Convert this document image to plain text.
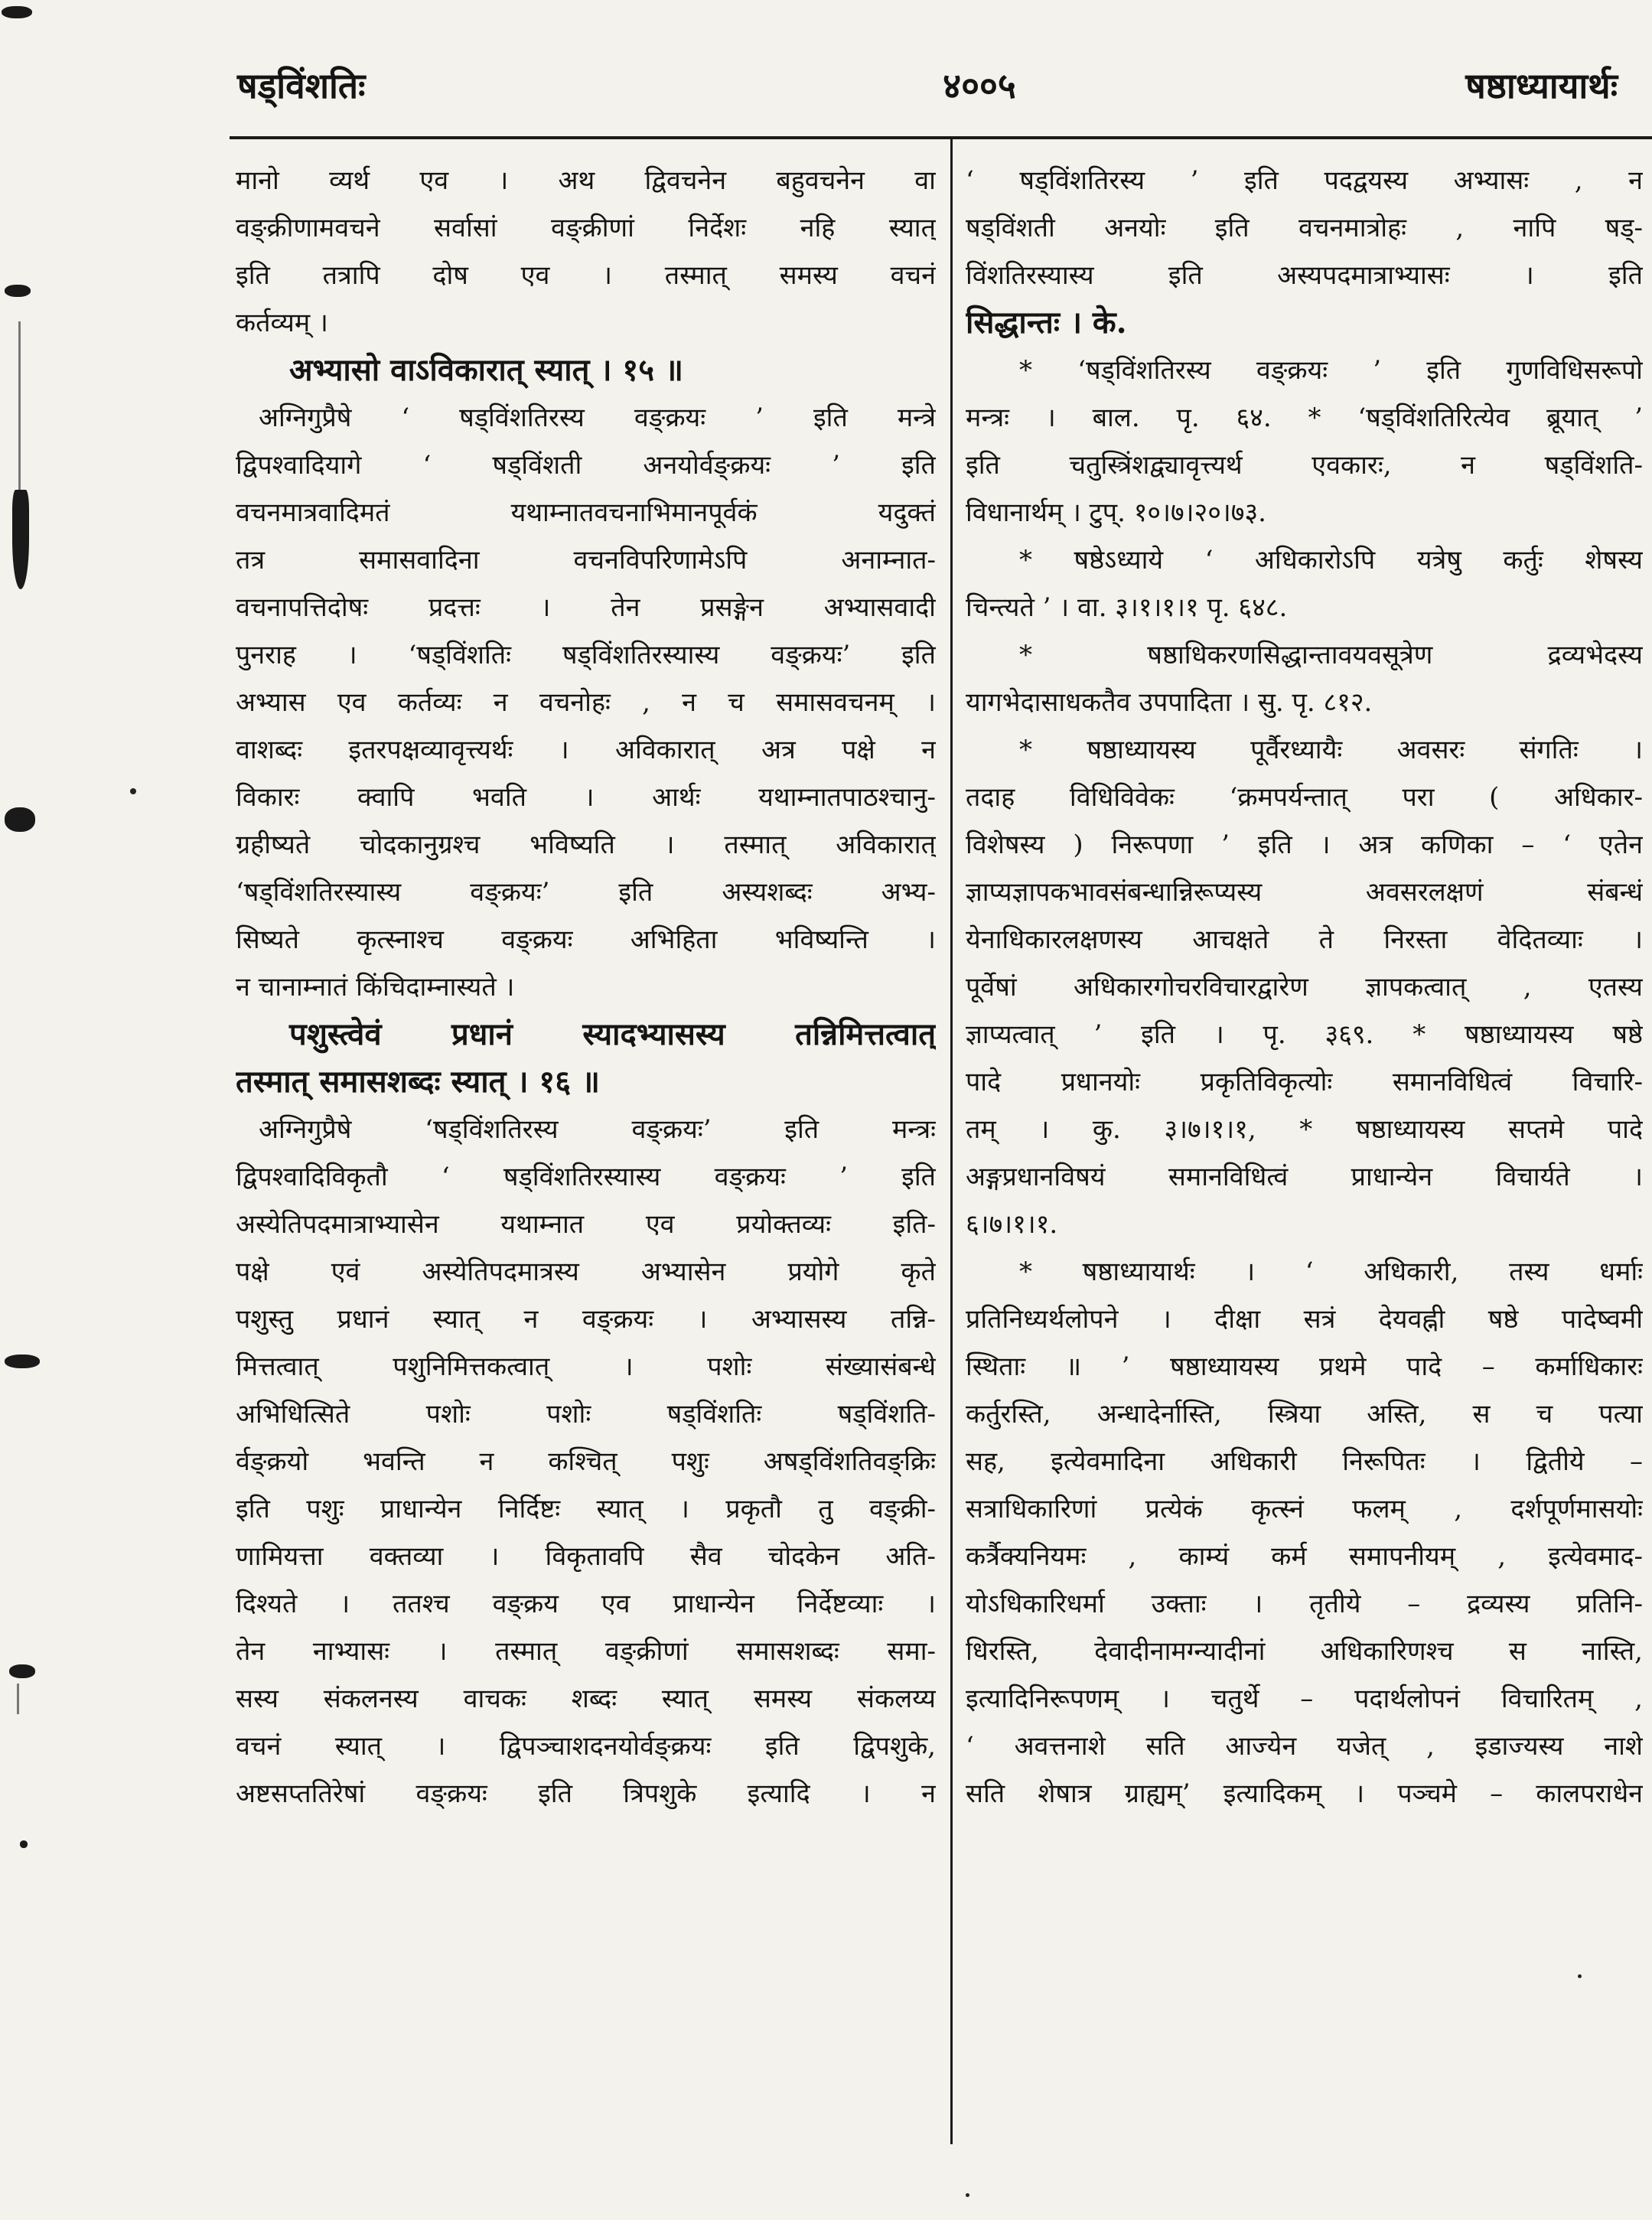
षड्विंशतिः	४००५	षष्ठाध्यायार्थः
मानो व्यर्थ एव । अथ द्विवचनेन बहुवचनेन वा
वङ्क्रीणामवचने सर्वासां वङ्क्रीणां निर्देशः नहि स्यात्
इति तत्रापि दोष एव । तस्मात् समस्य वचनं
कर्तव्यम् ।
अभ्यासो वाऽविकारात् स्यात् । १५ ॥
अग्निगुप्रैषे ‘ षड्विंशतिरस्य वङ्क्रयः ’ इति मन्त्रे
द्विपश्वादियागे ‘ षड्विंशती अनयोर्वङ्क्रयः ’ इति
वचनमात्रवादिमतं यथाम्नातवचनाभिमानपूर्वकं यदुक्तं
तत्र समासवादिना वचनविपरिणामेऽपि अनाम्नात-
वचनापत्तिदोषः प्रदत्तः । तेन प्रसङ्गेन अभ्यासवादी
पुनराह । ‘षड्विंशतिः षड्विंशतिरस्यास्य वङ्क्रयः’ इति
अभ्यास एव कर्तव्यः न वचनोहः , न च समासवचनम् ।
वाशब्दः इतरपक्षव्यावृत्त्यर्थः । अविकारात् अत्र पक्षे न
विकारः क्वापि भवति । आर्थः यथाम्नातपाठश्चानु-
ग्रहीष्यते चोदकानुग्रश्च भविष्यति । तस्मात् अविकारात्
‘षड्विंशतिरस्यास्य वङ्क्रयः’ इति अस्यशब्दः अभ्य-
सिष्यते कृत्स्नाश्च वङ्क्रयः अभिहिता भविष्यन्ति ।
न चानाम्नातं किंचिदाम्नास्यते ।
पशुस्त्वेवं प्रधानं स्यादभ्यासस्य तन्निमित्तत्वात्
तस्मात् समासशब्दः स्यात् । १६ ॥
अग्निगुप्रैषे ‘षड्विंशतिरस्य वङ्क्रयः’ इति मन्त्रः
द्विपश्वादिविकृतौ ‘ षड्विंशतिरस्यास्य वङ्क्रयः ’ इति
अस्येतिपदमात्राभ्यासेन यथाम्नात एव प्रयोक्तव्यः इति-
पक्षे एवं अस्येतिपदमात्रस्य अभ्यासेन प्रयोगे कृते
पशुस्तु प्रधानं स्यात् न वङ्क्रयः । अभ्यासस्य तन्नि-
मित्तत्वात् पशुनिमित्तकत्वात् । पशोः संख्यासंबन्धे
अभिधित्सिते पशोः पशोः षड्विंशतिः षड्विंशति-
र्वङ्क्रयो भवन्ति न कश्चित् पशुः अषड्विंशतिवङ्क्रिः
इति पशुः प्राधान्येन निर्दिष्टः स्यात् । प्रकृतौ तु वङ्क्री-
णामियत्ता वक्तव्या । विकृतावपि सैव चोदकेन अति-
दिश्यते । ततश्च वङ्क्रय एव प्राधान्येन निर्देष्टव्याः ।
तेन नाभ्यासः । तस्मात् वङ्क्रीणां समासशब्दः समा-
सस्य संकलनस्य वाचकः शब्दः स्यात् समस्य संकलय्य
वचनं स्यात् । द्विपञ्चाशदनयोर्वङ्क्रयः इति द्विपशुके,
अष्टसप्ततिरेषां वङ्क्रयः इति त्रिपशुके इत्यादि । न
‘ षड्विंशतिरस्य ’ इति पदद्वयस्य अभ्यासः , न
षड्विंशती अनयोः इति वचनमात्रोहः , नापि षड्-
विंशतिरस्यास्य इति अस्यपदमात्राभ्यासः । इति
सिद्धान्तः । के.
* ‘षड्विंशतिरस्य वङ्क्रयः ’ इति गुणविधिसरूपो
मन्त्रः । बाल. पृ. ६४. * ‘षड्विंशतिरित्येव ब्रूयात् ’
इति चतुस्त्रिंशद्व्यावृत्त्यर्थ एवकारः, न षड्विंशति-
विधानार्थम् । टुप्. १०।७।२०।७३.
* षष्ठेऽध्याये ‘ अधिकारोऽपि यत्रेषु कर्तुः शेषस्य
चिन्त्यते ’ । वा. ३।१।१।१ पृ. ६४८.
* षष्ठाधिकरणसिद्धान्तावयवसूत्रेण द्रव्यभेदस्य
यागभेदासाधकतैव उपपादिता । सु. पृ. ८१२.
* षष्ठाध्यायस्य पूर्वैरध्यायैः अवसरः संगतिः ।
तदाह विधिविवेकः ‘क्रमपर्यन्तात् परा ( अधिकार-
विशेषस्य ) निरूपणा ’ इति । अत्र कणिका – ‘ एतेन
ज्ञाप्यज्ञापकभावसंबन्धान्निरूप्यस्य अवसरलक्षणं संबन्धं
येनाधिकारलक्षणस्य आचक्षते ते निरस्ता वेदितव्याः ।
पूर्वेषां अधिकारगोचरविचारद्वारेण ज्ञापकत्वात् , एतस्य
ज्ञाप्यत्वात् ’ इति । पृ. ३६९. * षष्ठाध्यायस्य षष्ठे
पादे प्रधानयोः प्रकृतिविकृत्योः समानविधित्वं विचारि-
तम् । कु. ३।७।१।१, * षष्ठाध्यायस्य सप्तमे पादे
अङ्गप्रधानविषयं समानविधित्वं प्राधान्येन विचार्यते ।
६।७।१।१.
* षष्ठाध्यायार्थः । ‘ अधिकारी, तस्य धर्माः
प्रतिनिध्यर्थलोपने । दीक्षा सत्रं देयवह्नी षष्ठे पादेष्वमी
स्थिताः ॥ ’ षष्ठाध्यायस्य प्रथमे पादे – कर्माधिकारः
कर्तुरस्ति, अन्धादेर्नास्ति, स्त्रिया अस्ति, स च पत्या
सह, इत्येवमादिना अधिकारी निरूपितः । द्वितीये –
सत्राधिकारिणां प्रत्येकं कृत्स्नं फलम् , दर्शपूर्णमासयोः
कर्त्रैक्यनियमः , काम्यं कर्म समापनीयम् , इत्येवमाद-
योऽधिकारिधर्मा उक्ताः । तृतीये – द्रव्यस्य प्रतिनि-
धिरस्ति, देवादीनामग्न्यादीनां अधिकारिणश्च स नास्ति,
इत्यादिनिरूपणम् । चतुर्थे – पदार्थलोपनं विचारितम् ,
‘ अवत्तनाशे सति आज्येन यजेत् , इडाज्यस्य नाशे
सति शेषात्र ग्राह्यम्’ इत्यादिकम् । पञ्चमे – कालपराधेन
